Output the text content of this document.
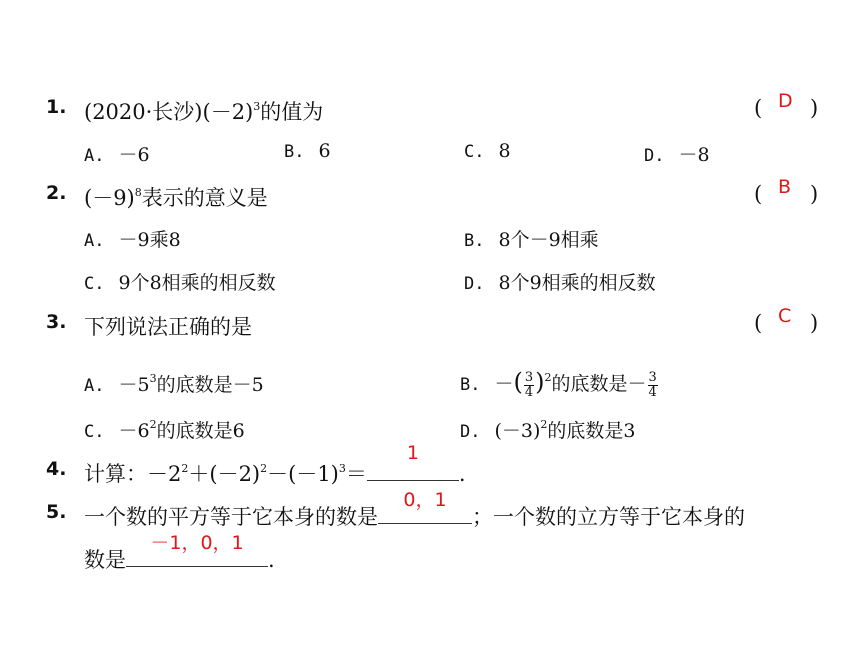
1. (2020·长沙)$(-2)^3$的值为	( D )
A. －6	B. 6	C. 8	D. －8
2. $(-9)^8$表示的意义是	( B )
A. －9乘8	B. 8个－9相乘
C. 9个8相乘的相反数	D. 8个9相乘的相反数
3. 下列说法正确的是	( C )
A. $-5^3$的底数是－5	B. －( $\frac{3}{4} )^2$的底数是－ $\frac{3}{4}$
C. $-6^2$的底数是6	D. $(-3)^2$的底数是3
4. 计算：$-2^2+(-2)^2-(-1)^3=$
1
.
5. 一个数的平方等于它本身的数是
0，1
；一个数的立方等于它本身的
数是
－1，0，1
.
